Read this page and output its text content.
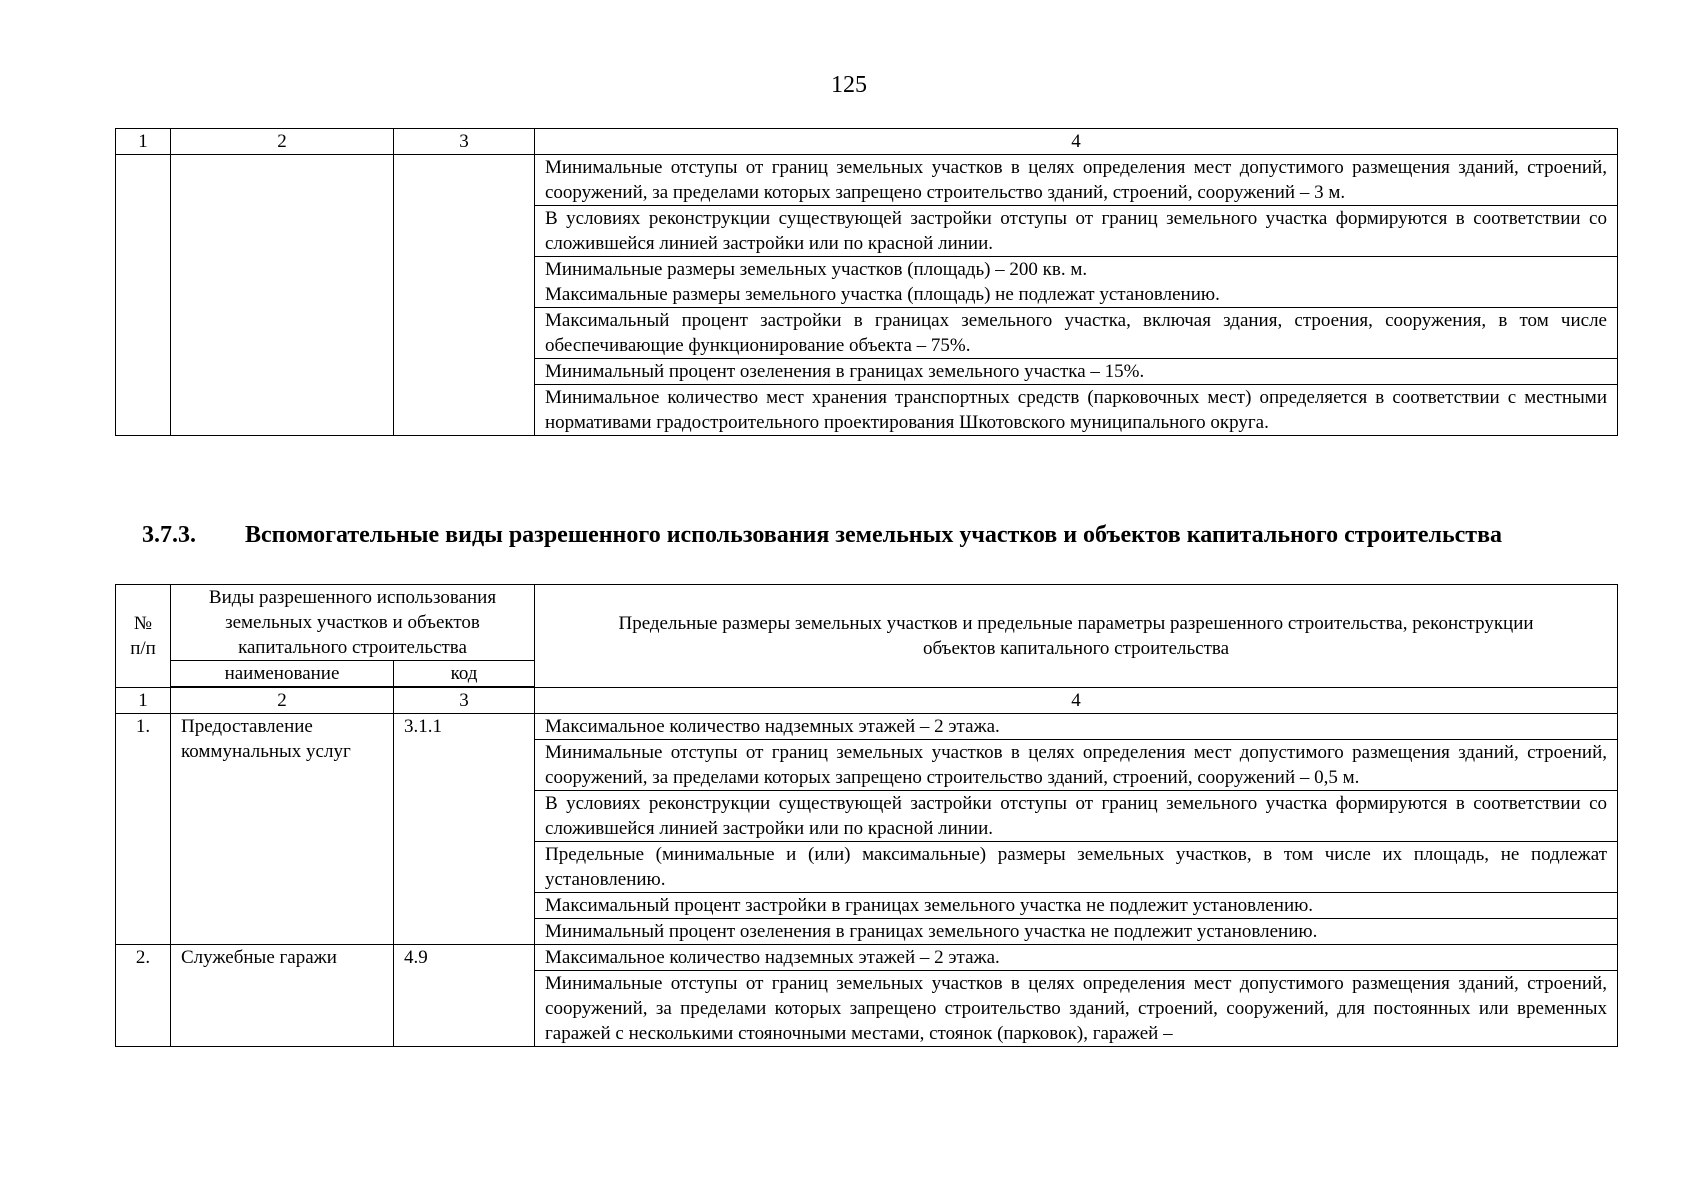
125
1	2	3	4
			Минимальные отступы от границ земельных участков в целях определения мест допустимого размещения зданий, строений, сооружений, за пределами которых запрещено строительство зданий, строений, сооружений – 3 м.
			В условиях реконструкции существующей застройки отступы от границ земельного участка формируются в соответствии со сложившейся линией застройки или по красной линии.

			Минимальные размеры земельных участков (площадь) – 200 кв. м.
Максимальные размеры земельного участка (площадь) не подлежат установлению.

			Максимальный процент застройки в границах земельного участка, включая здания, строения, сооружения, в том числе обеспечивающие функционирование объекта – 75%.
			Минимальный процент озеленения в границах земельного участка – 15%.
			Минимальное количество мест хранения транспортных средств (парковочных мест) определяется в соответствии с местными нормативами градостроительного проектирования Шкотовского муниципального округа.
3.7.3.	Вспомогательные виды разрешенного использования земельных участков и объектов капитального строительства
№ п/п	Виды разрешенного использования земельных участков и объектов капитального строительства		Предельные размеры земельных участков и предельные параметры разрешенного строительства, реконструкции объектов капитального строительства
	наименование	код	
1	2	3	4
1.	Предоставление коммунальных услуг	3.1.1	Максимальное количество надземных этажей – 2 этажа.
			Минимальные отступы от границ земельных участков в целях определения мест допустимого размещения зданий, строений, сооружений, за пределами которых запрещено строительство зданий, строений, сооружений – 0,5 м.
			В условиях реконструкции существующей застройки отступы от границ земельного участка формируются в соответствии со сложившейся линией застройки или по красной линии.
			Предельные (минимальные и (или) максимальные) размеры земельных участков, в том числе их площадь, не подлежат установлению.
			Максимальный процент застройки в границах земельного участка не подлежит установлению.
			Минимальный процент озеленения в границах земельного участка не подлежит установлению.
2.	Служебные гаражи	4.9	Максимальное количество надземных этажей – 2 этажа.
			Минимальные отступы от границ земельных участков в целях определения мест допустимого размещения зданий, строений, сооружений, за пределами которых запрещено строительство зданий, строений, сооружений, для постоянных или временных гаражей с несколькими стояночными местами, стоянок (парковок), гаражей –
